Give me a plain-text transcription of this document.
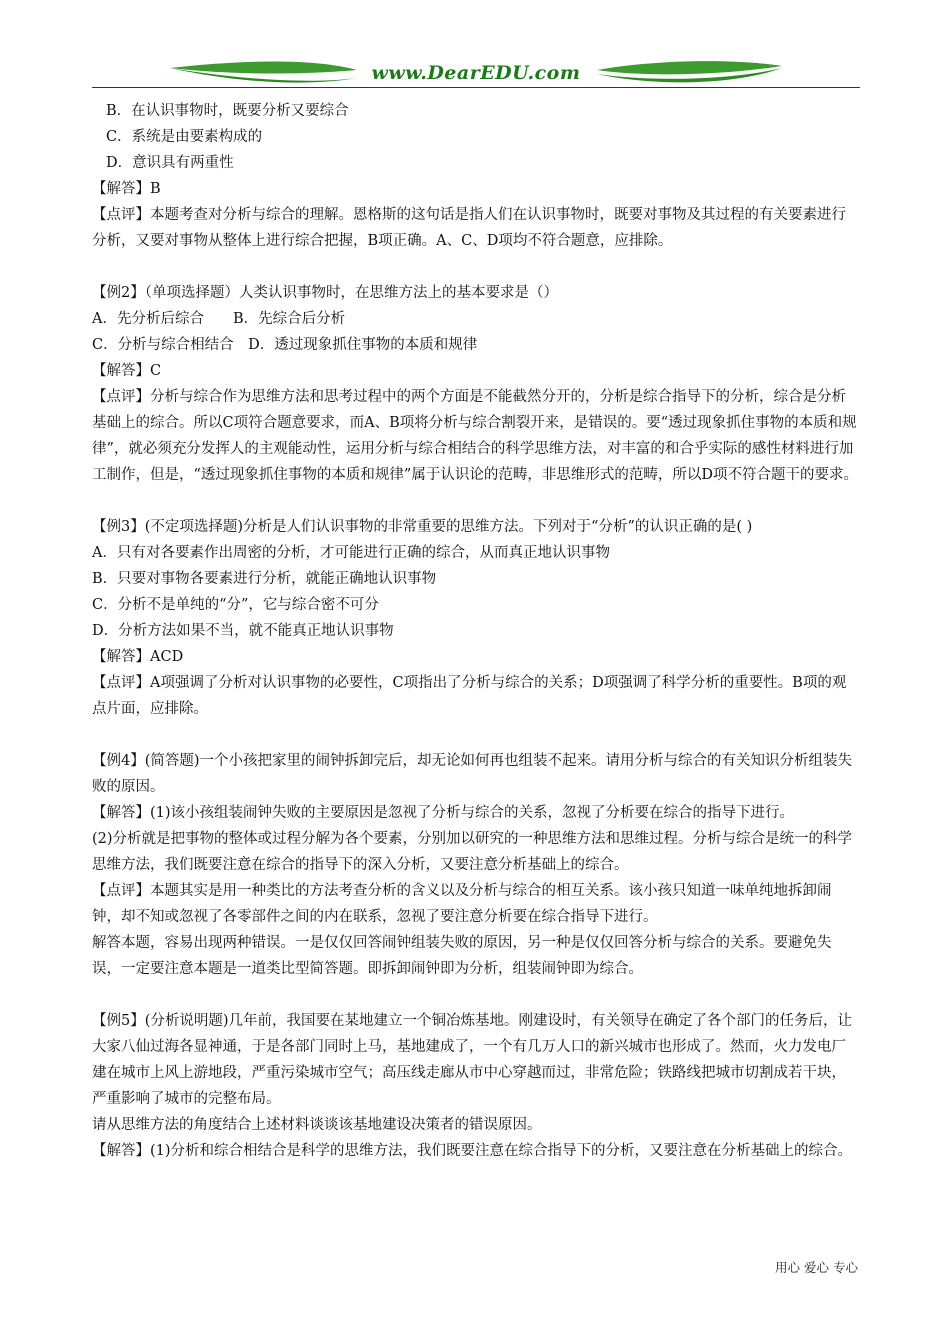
www.DearEDU.com

B．在认识事物时，既要分析又要综合

C．系统是由要素构成的

D．意识具有两重性

【解答】B

【点评】本题考查对分析与综合的理解。恩格斯的这句话是指人们在认识事物时，既要对事物及其过程的有关要素进行分析，又要对事物从整体上进行综合把握，B项正确。A、C、D项均不符合题意，应排除。

【例2】（单项选择题）人类认识事物时，在思维方法上的基本要求是（）

A．先分析后综合　　B．先综合后分析

C．分析与综合相结合　D．透过现象抓住事物的本质和规律

【解答】C

【点评】分析与综合作为思维方法和思考过程中的两个方面是不能截然分开的，分析是综合指导下的分析，综合是分析基础上的综合。所以C项符合题意要求，而A、B项将分析与综合割裂开来，是错误的。要“透过现象抓住事物的本质和规律”，就必须充分发挥人的主观能动性，运用分析与综合相结合的科学思维方法，对丰富的和合乎实际的感性材料进行加工制作，但是，“透过现象抓住事物的本质和规律”属于认识论的范畴，非思维形式的范畴，所以D项不符合题干的要求。

【例3】(不定项选择题)分析是人们认识事物的非常重要的思维方法。下列对于“分析”的认识正确的是( )

A．只有对各要素作出周密的分析，才可能进行正确的综合，从而真正地认识事物

B．只要对事物各要素进行分析，就能正确地认识事物

C．分析不是单纯的“分”，它与综合密不可分

D．分析方法如果不当，就不能真正地认识事物

【解答】ACD

【点评】A项强调了分析对认识事物的必要性，C项指出了分析与综合的关系；D项强调了科学分析的重要性。B项的观点片面，应排除。

【例4】(简答题)一个小孩把家里的闹钟拆卸完后，却无论如何再也组装不起来。请用分析与综合的有关知识分析组装失败的原因。

【解答】(1)该小孩组装闹钟失败的主要原因是忽视了分析与综合的关系，忽视了分析要在综合的指导下进行。

(2)分析就是把事物的整体或过程分解为各个要素，分别加以研究的一种思维方法和思维过程。分析与综合是统一的科学思维方法，我们既要注意在综合的指导下的深入分析，又要注意分析基础上的综合。

【点评】本题其实是用一种类比的方法考查分析的含义以及分析与综合的相互关系。该小孩只知道一味单纯地拆卸闹钟，却不知或忽视了各零部件之间的内在联系，忽视了要注意分析要在综合指导下进行。

解答本题，容易出现两种错误。一是仅仅回答闹钟组装失败的原因，另一种是仅仅回答分析与综合的关系。要避免失误，一定要注意本题是一道类比型简答题。即拆卸闹钟即为分析，组装闹钟即为综合。

【例5】(分析说明题)几年前，我国要在某地建立一个铜冶炼基地。刚建设时，有关领导在确定了各个部门的任务后，让大家八仙过海各显神通，于是各部门同时上马，基地建成了，一个有几万人口的新兴城市也形成了。然而，火力发电厂建在城市上风上游地段，严重污染城市空气；高压线走廊从市中心穿越而过，非常危险；铁路线把城市切割成若干块，严重影响了城市的完整布局。

请从思维方法的角度结合上述材料谈谈该基地建设决策者的错误原因。

【解答】(1)分析和综合相结合是科学的思维方法，我们既要注意在综合指导下的分析，又要注意在分析基础上的综合。

用心 爱心 专心
